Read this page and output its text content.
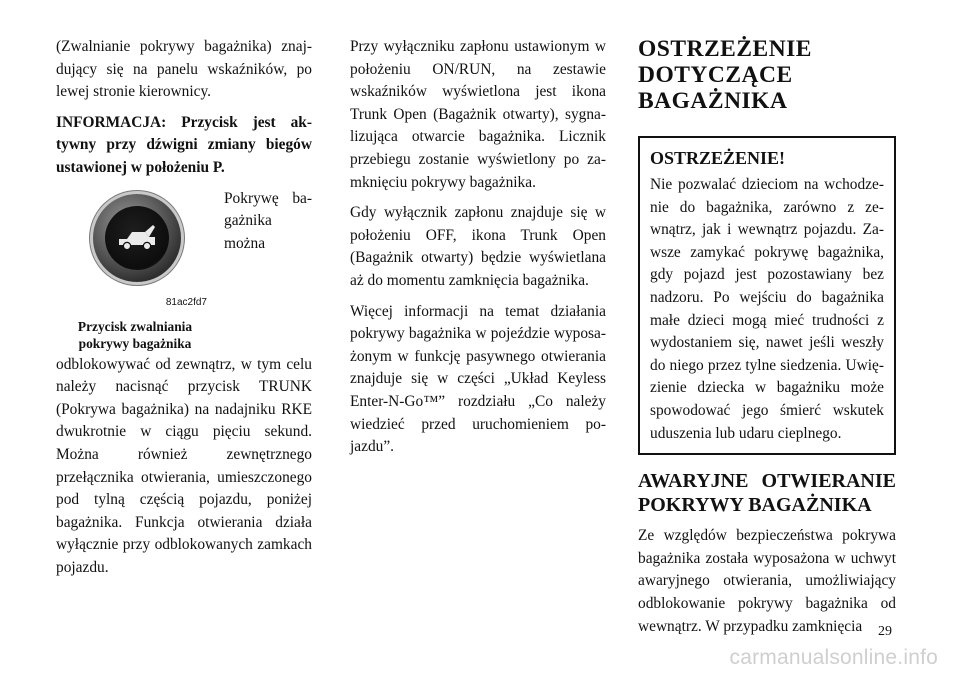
(Zwalnianie pokrywy bagażnika) znajdujący się na panelu wskaźników, po lewej stronie kierownicy.

INFORMACJA: Przycisk jest aktywny przy dźwigni zmiany biegów ustawionej w położeniu P.

81ac2fd7
Przycisk zwalniania pokrywy bagażnika

Pokrywę bagażnika można odblokowywać od zewnątrz, w tym celu należy nacisnąć przycisk TRUNK (Pokrywa bagażnika) na nadajniku RKE dwukrotnie w ciągu pięciu sekund. Można również zewnętrznego przełącznika otwierania, umieszczonego pod tylną częścią pojazdu, poniżej bagażnika. Funkcja otwierania działa wyłącznie przy odblokowanych zamkach pojazdu.

Przy wyłączniku zapłonu ustawionym w położeniu ON/RUN, na zestawie wskaźników wyświetlona jest ikona Trunk Open (Bagażnik otwarty), sygnalizująca otwarcie bagażnika. Licznik przebiegu zostanie wyświetlony po zamknięciu pokrywy bagażnika.

Gdy wyłącznik zapłonu znajduje się w położeniu OFF, ikona Trunk Open (Bagażnik otwarty) będzie wyświetlana aż do momentu zamknięcia bagażnika.

Więcej informacji na temat działania pokrywy bagażnika w pojeździe wyposażonym w funkcję pasywnego otwierania znajduje się w części „Układ Keyless Enter-N-Go™” rozdziału „Co należy wiedzieć przed uruchomieniem pojazdu”.

OSTRZEŻENIE DOTYCZĄCE BAGAŻNIKA
OSTRZEŻENIE!

Nie pozwalać dzieciom na wchodzenie do bagażnika, zarówno z zewnątrz, jak i wewnątrz pojazdu. Zawsze zamykać pokrywę bagażnika, gdy pojazd jest pozostawiany bez nadzoru. Po wejściu do bagażnika małe dzieci mogą mieć trudności z wydostaniem się, nawet jeśli weszły do niego przez tylne siedzenia. Uwięzienie dziecka w bagażniku może spowodować jego śmierć wskutek uduszenia lub udaru cieplnego.

AWARYJNE OTWIERANIE POKRYWY BAGAŻNIKA

Ze względów bezpieczeństwa pokrywa bagażnika została wyposażona w uchwyt awaryjnego otwierania, umożliwiający odblokowanie pokrywy bagażnika od wewnątrz. W przypadku zamknięcia	29
carmanualsonline.info
